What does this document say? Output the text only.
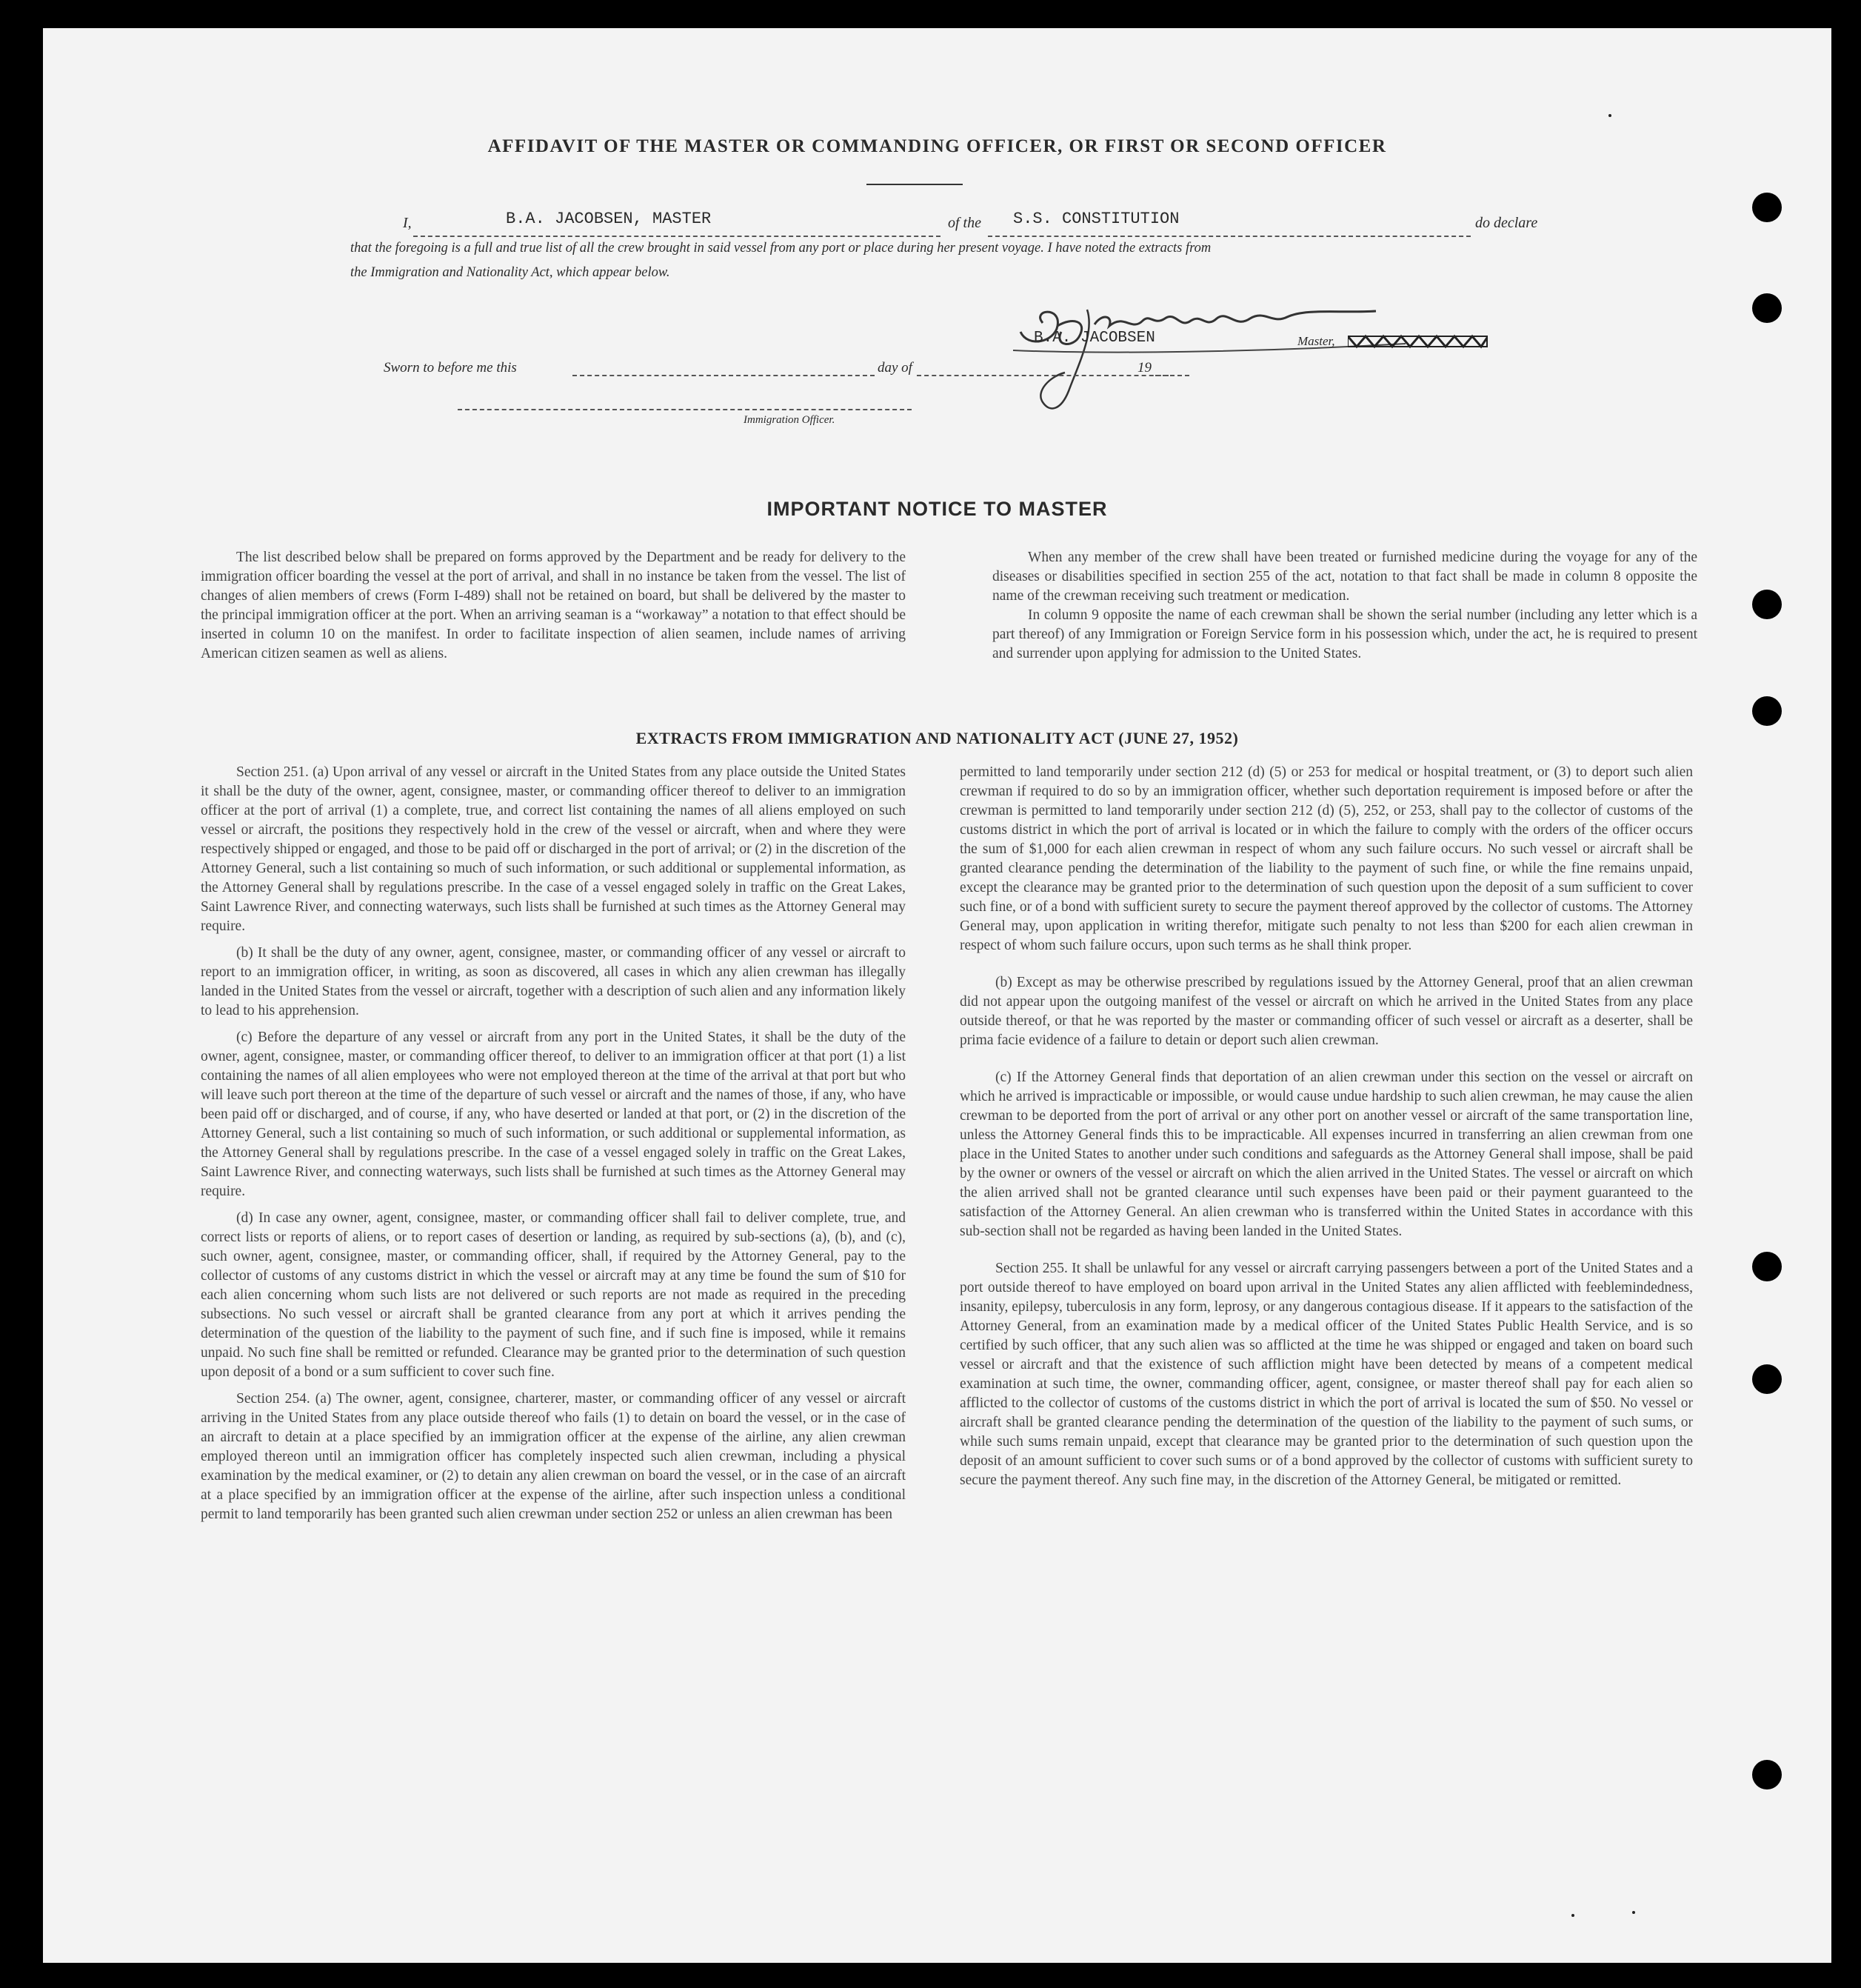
AFFIDAVIT OF THE MASTER OR COMMANDING OFFICER, OR FIRST OR SECOND OFFICER
I,	B.A. JACOBSEN, MASTER	of the S.S. CONSTITUTION	do declare
that the foregoing is a full and true list of all the crew brought in said vessel from any port or place during her present voyage. I have noted the extracts from
the Immigration and Nationality Act, which appear below.
B.A. JACOBSEN	Master,
Sworn to before me this	day of	19
Immigration Officer.
IMPORTANT NOTICE TO MASTER

The list described below shall be prepared on forms approved by the Department and be ready for delivery to the immigration officer boarding the vessel at the port of arrival, and shall in no instance be taken from the vessel. The list of changes of alien members of crews (Form I-489) shall not be retained on board, but shall be delivered by the master to the principal immigration officer at the port. When an arriving seaman is a “workaway” a notation to that effect should be inserted in column 10 on the manifest. In order to facilitate inspection of alien seamen, include names of arriving American citizen seamen as well as aliens.

When any member of the crew shall have been treated or furnished medicine during the voyage for any of the diseases or disabilities specified in section 255 of the act, notation to that fact shall be made in column 8 opposite the name of the crewman receiving such treatment or medication.

In column 9 opposite the name of each crewman shall be shown the serial number (including any letter which is a part thereof) of any Immigration or Foreign Service form in his possession which, under the act, he is required to present and surrender upon applying for admission to the United States.

EXTRACTS FROM IMMIGRATION AND NATIONALITY ACT (JUNE 27, 1952)

Section 251. (a) Upon arrival of any vessel or aircraft in the United States from any place outside the United States it shall be the duty of the owner, agent, consignee, master, or commanding officer thereof to deliver to an immigration officer at the port of arrival (1) a complete, true, and correct list containing the names of all aliens employed on such vessel or aircraft, the positions they respectively hold in the crew of the vessel or aircraft, when and where they were respectively shipped or engaged, and those to be paid off or discharged in the port of arrival; or (2) in the discretion of the Attorney General, such a list containing so much of such information, or such additional or supplemental information, as the Attorney General shall by regulations prescribe. In the case of a vessel engaged solely in traffic on the Great Lakes, Saint Lawrence River, and connecting waterways, such lists shall be furnished at such times as the Attorney General may require.

(b) It shall be the duty of any owner, agent, consignee, master, or commanding officer of any vessel or aircraft to report to an immigration officer, in writing, as soon as discovered, all cases in which any alien crewman has illegally landed in the United States from the vessel or aircraft, together with a description of such alien and any information likely to lead to his apprehension.

(c) Before the departure of any vessel or aircraft from any port in the United States, it shall be the duty of the owner, agent, consignee, master, or commanding officer thereof, to deliver to an immigration officer at that port (1) a list containing the names of all alien employees who were not employed thereon at the time of the arrival at that port but who will leave such port thereon at the time of the departure of such vessel or aircraft and the names of those, if any, who have been paid off or discharged, and of course, if any, who have deserted or landed at that port, or (2) in the discretion of the Attorney General, such a list containing so much of such information, or such additional or supplemental information, as the Attorney General shall by regulations prescribe. In the case of a vessel engaged solely in traffic on the Great Lakes, Saint Lawrence River, and connecting waterways, such lists shall be furnished at such times as the Attorney General may require.

(d) In case any owner, agent, consignee, master, or commanding officer shall fail to deliver complete, true, and correct lists or reports of aliens, or to report cases of desertion or landing, as required by sub-sections (a), (b), and (c), such owner, agent, consignee, master, or commanding officer, shall, if required by the Attorney General, pay to the collector of customs of any customs district in which the vessel or aircraft may at any time be found the sum of $10 for each alien concerning whom such lists are not delivered or such reports are not made as required in the preceding subsections. No such vessel or aircraft shall be granted clearance from any port at which it arrives pending the determination of the question of the liability to the payment of such fine, and if such fine is imposed, while it remains unpaid. No such fine shall be remitted or refunded. Clearance may be granted prior to the determination of such question upon deposit of a bond or a sum sufficient to cover such fine.

Section 254. (a) The owner, agent, consignee, charterer, master, or commanding officer of any vessel or aircraft arriving in the United States from any place outside thereof who fails (1) to detain on board the vessel, or in the case of an aircraft to detain at a place specified by an immigration officer at the expense of the airline, any alien crewman employed thereon until an immigration officer has completely inspected such alien crewman, including a physical examination by the medical examiner, or (2) to detain any alien crewman on board the vessel, or in the case of an aircraft at a place specified by an immigration officer at the expense of the airline, after such inspection unless a conditional permit to land temporarily has been granted such alien crewman under section 252 or unless an alien crewman has been

permitted to land temporarily under section 212 (d) (5) or 253 for medical or hospital treatment, or (3) to deport such alien crewman if required to do so by an immigration officer, whether such deportation requirement is imposed before or after the crewman is permitted to land temporarily under section 212 (d) (5), 252, or 253, shall pay to the collector of customs of the customs district in which the port of arrival is located or in which the failure to comply with the orders of the officer occurs the sum of $1,000 for each alien crewman in respect of whom any such failure occurs. No such vessel or aircraft shall be granted clearance pending the determination of the liability to the payment of such fine, or while the fine remains unpaid, except the clearance may be granted prior to the determination of such question upon the deposit of a sum sufficient to cover such fine, or of a bond with sufficient surety to secure the payment thereof approved by the collector of customs. The Attorney General may, upon application in writing therefor, mitigate such penalty to not less than $200 for each alien crewman in respect of whom such failure occurs, upon such terms as he shall think proper.

(b) Except as may be otherwise prescribed by regulations issued by the Attorney General, proof that an alien crewman did not appear upon the outgoing manifest of the vessel or aircraft on which he arrived in the United States from any place outside thereof, or that he was reported by the master or commanding officer of such vessel or aircraft as a deserter, shall be prima facie evidence of a failure to detain or deport such alien crewman.

(c) If the Attorney General finds that deportation of an alien crewman under this section on the vessel or aircraft on which he arrived is impracticable or impossible, or would cause undue hardship to such alien crewman, he may cause the alien crewman to be deported from the port of arrival or any other port on another vessel or aircraft of the same transportation line, unless the Attorney General finds this to be impracticable. All expenses incurred in transferring an alien crewman from one place in the United States to another under such conditions and safeguards as the Attorney General shall impose, shall be paid by the owner or owners of the vessel or aircraft on which the alien arrived in the United States. The vessel or aircraft on which the alien arrived shall not be granted clearance until such expenses have been paid or their payment guaranteed to the satisfaction of the Attorney General. An alien crewman who is transferred within the United States in accordance with this sub-section shall not be regarded as having been landed in the United States.

Section 255. It shall be unlawful for any vessel or aircraft carrying passengers between a port of the United States and a port outside thereof to have employed on board upon arrival in the United States any alien afflicted with feeblemindedness, insanity, epilepsy, tuberculosis in any form, leprosy, or any dangerous contagious disease. If it appears to the satisfaction of the Attorney General, from an examination made by a medical officer of the United States Public Health Service, and is so certified by such officer, that any such alien was so afflicted at the time he was shipped or engaged and taken on board such vessel or aircraft and that the existence of such affliction might have been detected by means of a competent medical examination at such time, the owner, commanding officer, agent, consignee, or master thereof shall pay for each alien so afflicted to the collector of customs of the customs district in which the port of arrival is located the sum of $50. No vessel or aircraft shall be granted clearance pending the determination of the question of the liability to the payment of such sums, or while such sums remain unpaid, except that clearance may be granted prior to the determination of such question upon the deposit of an amount sufficient to cover such sums or of a bond approved by the collector of customs with sufficient surety to secure the payment thereof. Any such fine may, in the discretion of the Attorney General, be mitigated or remitted.
